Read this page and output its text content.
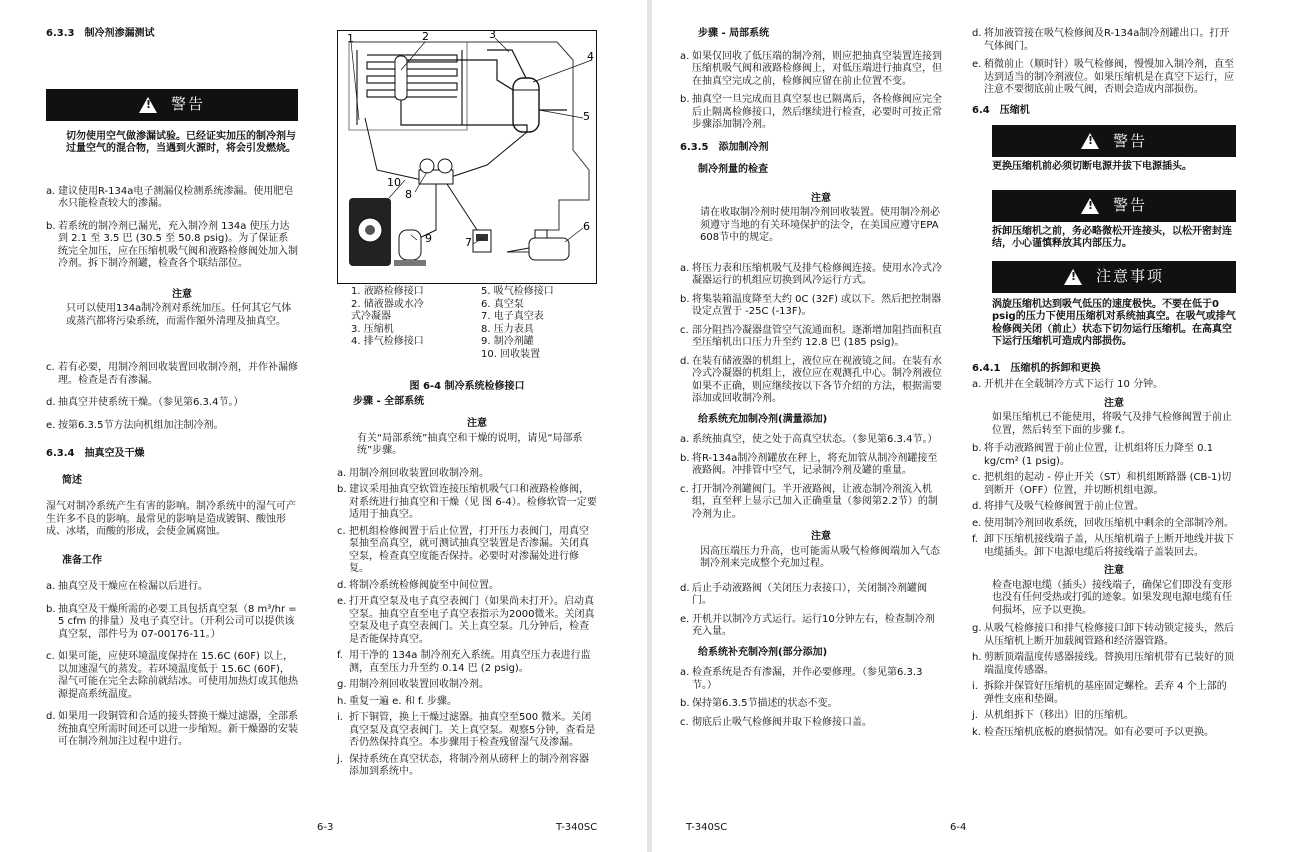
6.3.3 制冷剂渗漏测试
!
警告
切勿使用空气做渗漏试验。已经证实加压的制冷剂与过量空气的混合物，当遇到火源时，将会引发燃烧。
a. 建议使用R-134a电子测漏仪检测系统渗漏。使用肥皂水只能检查较大的渗漏。
b. 若系统的制冷剂已漏光，充入制冷剂 134a 使压力达到 2.1 至 3.5 巴 (30.5 至 50.8 psig)。为了保证系统完全加压，应在压缩机吸气阀和液路检修阀处加入制冷剂。拆下制冷剂罐，检查各个联结部位。
注意
只可以使用134a制冷剂对系统加压。任何其它气体或蒸汽都将污染系统，而需作額外清理及抽真空。
c. 若有必要，用制冷剂回收装置回收制冷剂，并作补漏修理。检查是否有渗漏。
d. 抽真空并使系统干燥。（参见第6.3.4节。）
e. 按第6.3.5节方法向机组加注制冷剂。
6.3.4 抽真空及干燥
简述
湿气对制冷系统产生有害的影响。制冷系统中的湿气可产生许多不良的影响。最常见的影响是造成镀铜、酸蚀形成、冰堵，而酸的形成，会使金属腐蚀。
准备工作
a. 抽真空及干燥应在检漏以后进行。
b. 抽真空及干燥所需的必要工具包括真空泵（8 m³/hr = 5 cfm 的排量）及电子真空计。（开利公司可以提供该真空泵，部件号为 07-00176-11。）
c. 如果可能，应使环境温度保持在 15.6C (60F) 以上，以加速湿气的蒸发。若环境温度低于 15.6C (60F)，湿气可能在完全去除前就结冰。可使用加热灯或其他热源提高系统温度。
d. 如果用一段铜管和合适的接头替换干燥过滤器，全部系统抽真空所需时间还可以进一步缩短。新干燥器的安装可在制冷剂加注过程中进行。
1	2	3
4
5
6
7
8
9
10
1. 液路检修接口	5. 吸气检修接口
2. 储液器或水冷	6. 真空泵
式冷凝器	7. 电子真空表
3. 压缩机	8. 压力表具
4. 排气检修接口	9. 制冷剂罐
10. 回收装置
图 6-4 制冷系统检修接口
步骤 - 全部系统
注意
有关“局部系统”抽真空和干燥的说明，请见“局部系统”步骤。
a. 用制冷剂回收装置回收制冷剂。
b. 建议采用抽真空软管连接压缩机吸气口和液路检修阀，对系统进行抽真空和干燥（见 图 6-4）。检修软管一定要适用于抽真空。
c. 把机组检修阀置于后止位置，打开压力表阀门，用真空泵抽至高真空，就可测试抽真空装置是否渗漏。关闭真空泵，检查真空度能否保持。必要时对渗漏处进行修复。
d. 将制冷系统检修阀旋至中间位置。
e. 打开真空泵及电子真空表阀门（如果尚未打开）。启动真空泵。抽真空直至电子真空表指示为2000微米。关闭真空泵及电子真空表阀门。关上真空泵。几分钟后，检查是否能保持真空。
f. 用干净的 134a 制冷剂充入系统。用真空压力表进行监测，直至压力升至约 0.14 巴 (2 psig)。
g. 用制冷剂回收装置回收制冷剂。
h. 重复一遍 e. 和 f. 步骤。
i. 折下铜管，换上干燥过滤器。抽真空至500 微米。关闭真空泵及真空表阀门。关上真空泵。观察5分钟，查看是否仍然保持真空。本步骤用于检查残留湿气及渗漏。
j. 保持系统在真空状态，将制冷剂从磅秤上的制冷剂容器添加到系统中。
6-3	T-340SC
步骤 - 局部系统
a. 如果仅回收了低压端的制冷剂，则应把抽真空装置连接到压缩机吸气阀和液路检修阀上，对低压端进行抽真空，但在抽真空完成之前，检修阀应留在前止位置不变。
b. 抽真空一旦完成而且真空泵也已隔离后，各检修阀应完全后止隔离检修接口，然后继续进行检查，必要时可按正常步骤添加制冷剂。
6.3.5 添加制冷剂
制冷剂量的检查
注意
请在收取制冷剂时使用制冷剂回收装置。使用制冷剂必须遵守当地的有关环境保护的法令，在美国应遵守EPA 608节中的规定。
a. 将压力表和压缩机吸气及排气检修阀连接。使用水冷式冷凝器运行的机组应切换到风冷运行方式。
b. 将集装箱温度降至大约 0C (32F) 或以下。然后把控制器设定点置于 -25C (-13F)。
c. 部分阻挡冷凝器盘管空气流通面积。逐渐增加阻挡面积直至压缩机出口压力升至约 12.8 巴 (185 psig)。
d. 在装有储液器的机组上，液位应在视液镜之间。在装有水冷式冷凝器的机组上，液位应在观测孔中心。制冷剂液位如果不正确，则应继续按以下各节介绍的方法，根据需要添加或回收制冷剂。
给系统充加制冷剂(满量添加)
a. 系统抽真空，使之处于高真空状态。（参见第6.3.4节。）
b. 将R-134a制冷剂罐放在秤上，将充加管从制冷剂罐接至液路阀。冲排管中空气，记录制冷剂及罐的重量。
c. 打开制冷剂罐阀门。半开液路阀，让液态制冷剂流入机组，直至秤上显示已加入正确重量（参阅第2.2节）的制冷剂为止。
注意
因高压端压力升高，也可能需从吸气检修阀端加入气态制冷剂来完成整个充加过程。
d. 后止手动液路阀（关闭压力表接口），关闭制冷剂罐阀门。
e. 开机并以制冷方式运行。运行10分钟左右，检查制冷剂充入量。
给系统补充制冷剂(部分添加)
a. 检查系统是否有渗漏，并作必要修理。（参见第6.3.3节。）
b. 保持第6.3.5节描述的状态不变。
c. 彻底后止吸气检修阀并取下检修接口盖。
d. 将加液管接在吸气检修阀及R-134a制冷剂罐出口。打开气体阀门。
e. 稍微前止（顺时针）吸气检修阀，慢慢加入制冷剂，直至达到适当的制冷剂液位。如果压缩机是在真空下运行，应注意不要彻底前止吸气阀，否则会造成内部损伤。
6.4 压缩机
!
警告
更换压缩机前必须切断电源并拔下电源插头。
!
警告
拆卸压缩机之前，务必略微松开连接头，以松开密封连结，小心谨慎释放其内部压力。
!
注意事项
涡旋压缩机达到吸气低压的速度极快。不要在低于0 psig的压力下使用压缩机对系统抽真空。在吸气或排气检修阀关闭（前止）状态下切勿运行压缩机。在高真空下运行压缩机可造成内部损伤。
6.4.1 压缩机的拆卸和更换
a. 开机并在全载制冷方式下运行 10 分钟。
注意
如果压缩机已不能使用，将吸气及排气检修阀置于前止位置，然后转至下面的步骤 f.。
b. 将手动液路阀置于前止位置，让机组将压力降至 0.1 kg/cm² (1 psig)。
c. 把机组的起动 - 停止开关（ST）和机组断路器 (CB-1)切到断开（OFF）位置，并切断机组电源。
d. 将排气及吸气检修阀置于前止位置。
e. 使用制冷剂回收系统，回收压缩机中剩余的全部制冷剂。
f. 卸下压缩机接线端子盖，从压缩机端子上断开地线并拔下电缆插头。卸下电源电缆后将接线端子盖装回去。
注意
检查电源电缆（插头）接线端子，确保它们即没有变形也没有任何受热或打弧的迹象。如果发现电源电缆有任何损坏，应予以更换。
g. 从吸气检修接口和排气检修接口卸下转动锁定接头，然后从压缩机上断开加载阀管路和经济器管路。
h. 剪断顶端温度传感器接线。替换用压缩机带有已装好的顶端温度传感器。
i. 拆除并保管好压缩机的基座固定螺栓。丢弃 4 个上部的弹性支座和垫圈。
j. 从机组拆下（移出）旧的压缩机。
k. 检查压缩机底板的磨损情况。如有必要可予以更换。
T-340SC	6-4
